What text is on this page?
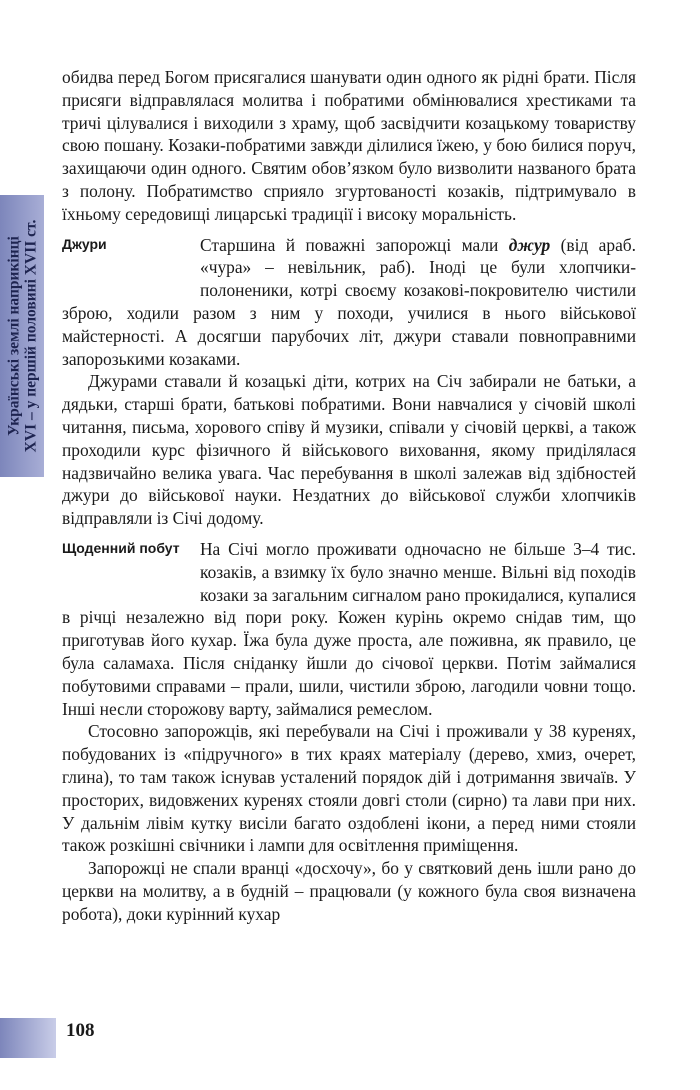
Українські землі наприкінці XVI – у першій половині XVII ст.

обидва перед Богом присягалися шанувати один одного як рідні брати. Після присяги відправлялася молитва і побратими обмінювалися хрестиками та тричі цілувалися і виходили з храму, щоб засвідчити козацькому товариству свою пошану. Козаки-побратими завжди ділилися їжею, у бою билися поруч, захищаючи один одного. Святим обов’язком було визволити названого брата з полону. Побратимство сприяло згуртованості козаків, підтримувало в їхньому середовищі лицарські традиції і високу моральність.

Джури	Старшина й поважні запорожці мали джур (від араб. «чура» – невільник, раб). Іноді це були хлопчики-полоненики, котрі своєму козакові-покровителю чистили зброю, ходили разом з ним у походи, училися в нього військової майстерності. А досягши парубочих літ, джури ставали повноправними запорозькими козаками.

Джурами ставали й козацькі діти, котрих на Січ забирали не батьки, а дядьки, старші брати, батькові побратими. Вони навчалися у січовій школі читання, письма, хорового співу й музики, співали у січовій церкві, а також проходили курс фізичного й військового виховання, якому приділялася надзвичайно велика увага. Час перебування в школі залежав від здібностей джури до військової науки. Нездатних до військової служби хлопчиків відправляли із Січі додому.

Щоденний побут	На Січі могло проживати одночасно не більше 3–4 тис. козаків, а взимку їх було значно менше. Вільні від походів козаки за загальним сигналом рано прокидалися, купалися в річці незалежно від пори року. Кожен курінь окремо снідав тим, що приготував його кухар. Їжа була дуже проста, але поживна, як правило, це була саламаха. Після сніданку йшли до січової церкви. Потім займалися побутовими справами – прали, шили, чистили зброю, лагодили човни тощо. Інші несли сторожову варту, займалися ремеслом.

Стосовно запорожців, які перебували на Січі і проживали у 38 куренях, побудованих із «підручного» в тих краях матеріалу (дерево, хмиз, очерет, глина), то там також існував усталений порядок дій і дотримання звичаїв. У просторих, видовжених куренях стояли довгі столи (сирно) та лави при них. У дальнім лівім кутку висіли багато оздоблені ікони, а перед ними стояли також розкішні свічники і лампи для освітлення приміщення.

Запорожці не спали вранці «досхочу», бо у святковий день ішли рано до церкви на молитву, а в будній – працювали (у кожного була своя визначена робота), доки курінний кухар

108
